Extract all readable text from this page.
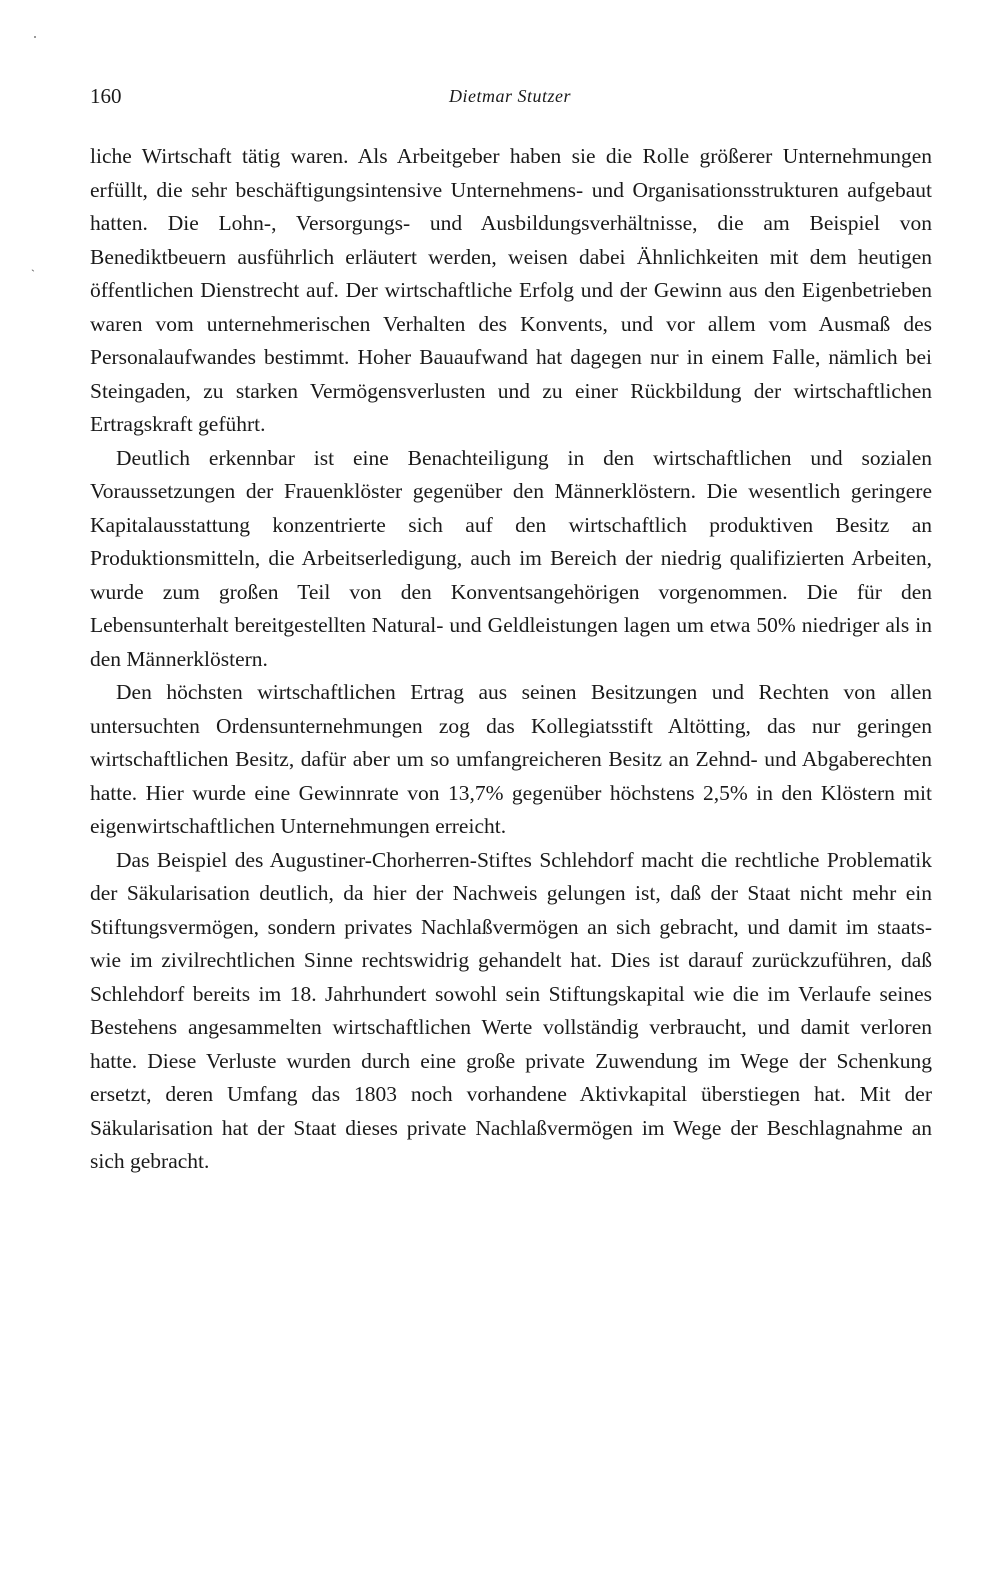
160	Dietmar Stutzer
ˎ

liche Wirtschaft tätig waren. Als Arbeitgeber haben sie die Rolle größerer Unternehmungen erfüllt, die sehr beschäftigungsintensive Unternehmens- und Organisationsstrukturen aufgebaut hatten. Die Lohn-, Versorgungs- und Ausbildungsverhältnisse, die am Beispiel von Benediktbeuern ausführlich erläutert werden, weisen dabei Ähnlichkeiten mit dem heutigen öffentlichen Dienstrecht auf. Der wirtschaftliche Erfolg und der Gewinn aus den Eigenbetrieben waren vom unternehmerischen Verhalten des Konvents, und vor allem vom Ausmaß des Personalaufwandes bestimmt. Hoher Bauaufwand hat dagegen nur in einem Falle, nämlich bei Steingaden, zu starken Vermögensverlusten und zu einer Rückbildung der wirtschaftlichen Ertragskraft geführt.

Deutlich erkennbar ist eine Benachteiligung in den wirtschaftlichen und sozialen Voraussetzungen der Frauenklöster gegenüber den Männerklöstern. Die wesentlich geringere Kapitalausstattung konzentrierte sich auf den wirtschaftlich produktiven Besitz an Produktionsmitteln, die Arbeitserledigung, auch im Bereich der niedrig qualifizierten Arbeiten, wurde zum großen Teil von den Konventsangehörigen vorgenommen. Die für den Lebensunterhalt bereitgestellten Natural- und Geldleistungen lagen um etwa 50% niedriger als in den Männerklöstern.

Den höchsten wirtschaftlichen Ertrag aus seinen Besitzungen und Rechten von allen untersuchten Ordensunternehmungen zog das Kollegiatsstift Altötting, das nur geringen wirtschaftlichen Besitz, dafür aber um so umfangreicheren Besitz an Zehnd- und Abgaberechten hatte. Hier wurde eine Gewinnrate von 13,7% gegenüber höchstens 2,5% in den Klöstern mit eigenwirtschaftlichen Unternehmungen erreicht.

Das Beispiel des Augustiner-Chorherren-Stiftes Schlehdorf macht die rechtliche Problematik der Säkularisation deutlich, da hier der Nachweis gelungen ist, daß der Staat nicht mehr ein Stiftungsvermögen, sondern privates Nachlaßvermögen an sich gebracht, und damit im staats- wie im zivilrechtlichen Sinne rechtswidrig gehandelt hat. Dies ist darauf zurückzuführen, daß Schlehdorf bereits im 18. Jahrhundert sowohl sein Stiftungskapital wie die im Verlaufe seines Bestehens angesammelten wirtschaftlichen Werte vollständig verbraucht, und damit verloren hatte. Diese Verluste wurden durch eine große private Zuwendung im Wege der Schenkung ersetzt, deren Umfang das 1803 noch vorhandene Aktivkapital überstiegen hat. Mit der Säkularisation hat der Staat dieses private Nachlaßvermögen im Wege der Beschlagnahme an sich gebracht.
